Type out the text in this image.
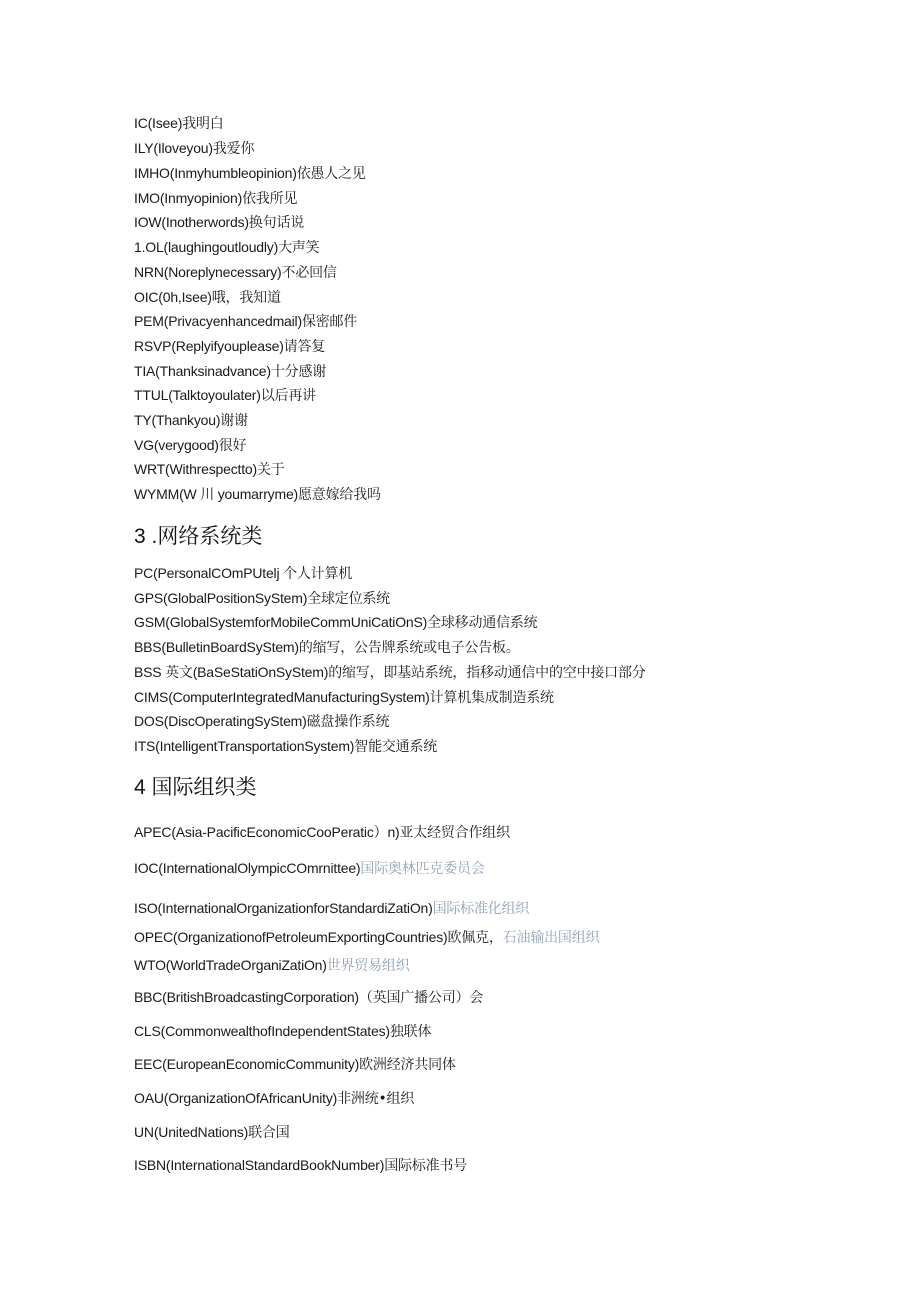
IC(Isee)我明白
ILY(Iloveyou)我爱你
IMHO(Inmyhumbleopinion)依愚人之见
IMO(Inmyopinion)依我所见
IOW(Inotherwords)换句话说
1.OL(laughingoutloudly)大声笑
NRN(Noreplynecessary)不必回信
OIC(0h,Isee)哦，我知道
PEM(Privacyenhancedmail)保密邮件
RSVP(Replyifyouplease)请答复
TIA(Thanksinadvance)十分感谢
TTUL(Talktoyoulater)以后再讲
TY(Thankyou)谢谢
VG(verygood)很好
WRT(Withrespectto)关于
WYMM(W 川 youmarryme)愿意嫁给我吗
3 .网络系统类
PC(PersonalCOmPUtelj 个人计算机
GPS(GlobalPositionSyStem)全球定位系统
GSM(GlobalSystemforMobileCommUniCatiOnS)全球移动通信系统
BBS(BulletinBoardSyStem)的缩写，公告牌系统或电子公告板。
BSS 英文(BaSeStatiOnSyStem)的缩写，即基站系统，指移动通信中的空中接口部分
CIMS(ComputerIntegratedManufacturingSystem)计算机集成制造系统
DOS(DiscOperatingSyStem)磁盘操作系统
ITS(IntelligentTransportationSystem)智能交通系统
4 国际组织类
APEC(Asia-PacificEconomicCooPeratic）n)亚太经贸合作组织
IOC(InternationalOlympicCOmrnittee)国际奥林匹克委员会
ISO(InternationalOrganizationforStandardiZatiOn)国际标准化组织
OPEC(OrganizationofPetroleumExportingCountries)欧佩克，石油输出国组织
WTO(WorldTradeOrganiZatiOn)世界贸易组织
BBC(BritishBroadcastingCorporation)（英国广播公司）会
CLS(CommonwealthofIndependentStates)独联体
EEC(EuropeanEconomicCommunity)欧洲经济共同体
OAU(OrganizationOfAfricanUnity)非洲统•组织
UN(UnitedNations)联合国
ISBN(InternationalStandardBookNumber)国际标准书号
